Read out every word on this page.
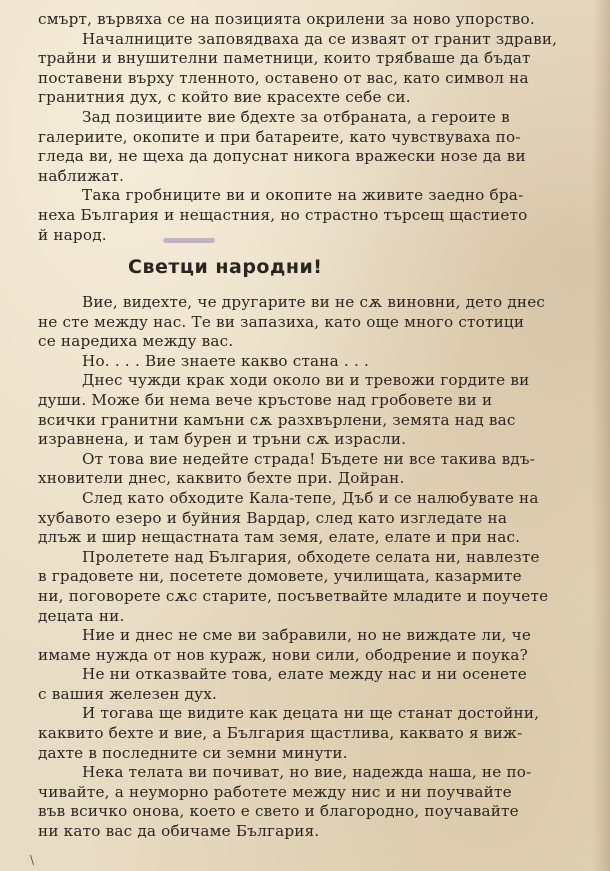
смърт, вървяха се на позицията окрилени за ново упорство.
Началниците заповядваха да се изваят от гранит здрави,
трайни и внушителни паметници, които трябваше да бъдат
поставени върху тленното, оставено от вас, като символ на
гранитния дух, с който вие красехте себе си.
Зад позициите вие бдехте за отбраната, а героите в
галериите, окопите и при батареите, като чувствуваха по-
гледа ви, не щеха да допуснат никога вражески нозе да ви
наближат.
Така гробниците ви и окопите на живите заедно бра-
неха България и нещастния, но страстно търсещ щастието
й народ.
Светци народни!
Вие, видехте, че другарите ви не сѫ виновни, дето днес
не сте между нас. Те ви запазиха, като още много стотици
се наредиха между вас.
Но. . . . Вие знаете какво стана . . .
Днес чужди крак ходи около ви и тревожи гордите ви
души. Може би нема вече кръстове над гробовете ви и
всички гранитни камъни сѫ разхвърлени, земята над вас
изравнена, и там бурен и тръни сѫ израсли.
От това вие недейте страда! Бъдете ни все такива вдъ-
хновители днес, каквито бехте при. Дойран.
След като обходите Кала-тепе, Дъб и се налюбувате на
хубавото езеро и буйния Вардар, след като изгледате на
длъж и шир нещастната там земя, елате, елате и при нас.
Пролетете над България, обходете селата ни, навлезте
в градовете ни, посетете домовете, училищата, казармите
ни, поговорете сѫс старите, посъветвайте младите и поучете
децата ни.
Ние и днес не сме ви забравили, но не виждате ли, че
имаме нужда от нов кураж, нови сили, ободрение и поука?
Не ни отказвайте това, елате между нас и ни осенете
с вашия железен дух.
И тогава ще видите как децата ни ще станат достойни,
каквито бехте и вие, а България щастлива, каквато я виж-
дахте в последните си земни минути.
Нека телата ви почиват, но вие, надежда наша, не по-
чивайте, а неуморно работете между нис и ни поучвайте
във всичко онова, което е свето и благородно, поучавайте
ни като вас да обичаме България.
\
